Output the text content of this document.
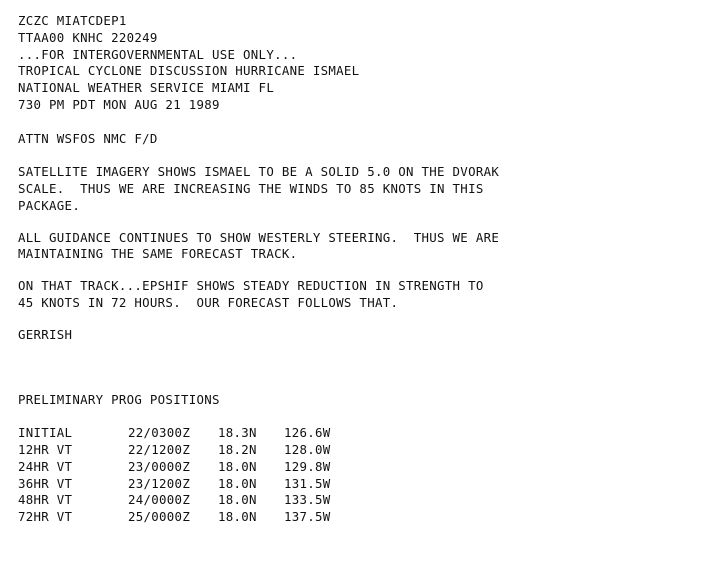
ZCZC MIATCDEP1
TTAA00 KNHC 220249
...FOR INTERGOVERNMENTAL USE ONLY...
TROPICAL CYCLONE DISCUSSION HURRICANE ISMAEL
NATIONAL WEATHER SERVICE MIAMI FL
730 PM PDT MON AUG 21 1989
ATTN WSFOS NMC F/D
SATELLITE IMAGERY SHOWS ISMAEL TO BE A SOLID 5.0 ON THE DVORAK
SCALE.  THUS WE ARE INCREASING THE WINDS TO 85 KNOTS IN THIS
PACKAGE.
ALL GUIDANCE CONTINUES TO SHOW WESTERLY STEERING.  THUS WE ARE
MAINTAINING THE SAME FORECAST TRACK.
ON THAT TRACK...EPSHIF SHOWS STEADY REDUCTION IN STRENGTH TO
45 KNOTS IN 72 HOURS.  OUR FORECAST FOLLOWS THAT.
GERRISH
PRELIMINARY PROG POSITIONS
INITIAL	22/0300Z	18.3N	126.6W
12HR VT	22/1200Z	18.2N	128.0W
24HR VT	23/0000Z	18.0N	129.8W
36HR VT	23/1200Z	18.0N	131.5W
48HR VT	24/0000Z	18.0N	133.5W
72HR VT	25/0000Z	18.0N	137.5W
